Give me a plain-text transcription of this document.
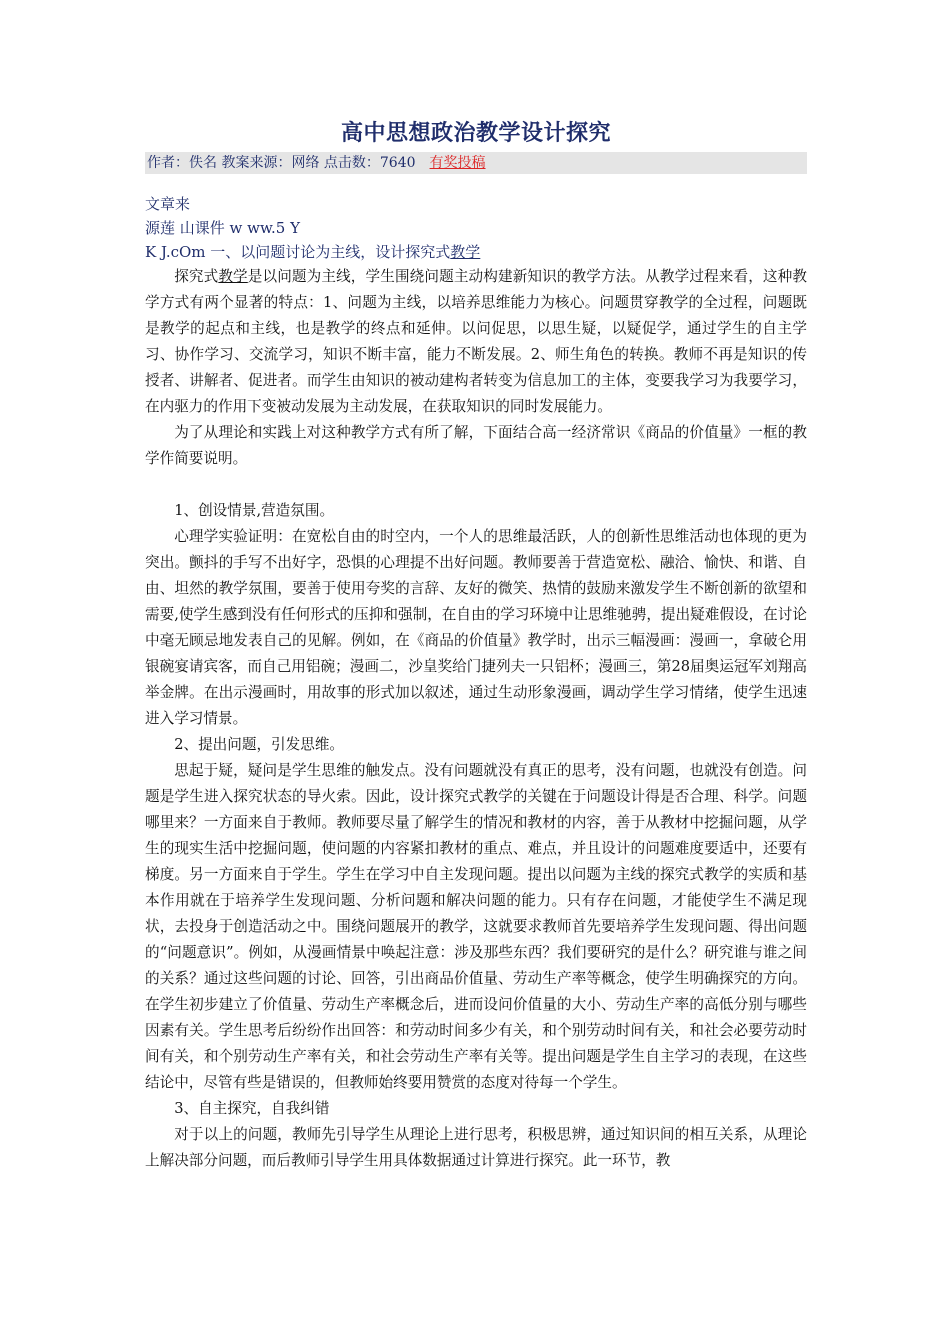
高中思想政治教学设计探究
作者：佚名 教案来源：网络 点击数：7640 有奖投稿
文章来
源莲 山课件 w ww.5 Y
K J.cOm 一、以问题讨论为主线，设计探究式教学

探究式教学是以问题为主线，学生围绕问题主动构建新知识的教学方法。从教学过程来看，这种教学方式有两个显著的特点：1、问题为主线，以培养思维能力为核心。问题贯穿教学的全过程，问题既是教学的起点和主线，也是教学的终点和延伸。以问促思，以思生疑，以疑促学，通过学生的自主学习、协作学习、交流学习，知识不断丰富，能力不断发展。2、师生角色的转换。教师不再是知识的传授者、讲解者、促进者。而学生由知识的被动建构者转变为信息加工的主体，变要我学习为我要学习，在内驱力的作用下变被动发展为主动发展，在获取知识的同时发展能力。

为了从理论和实践上对这种教学方式有所了解，下面结合高一经济常识《商品的价值量》一框的教学作简要说明。

1、创设情景,营造氛围。

心理学实验证明：在宽松自由的时空内，一个人的思维最活跃，人的创新性思维活动也体现的更为突出。颤抖的手写不出好字，恐惧的心理提不出好问题。教师要善于营造宽松、融洽、愉快、和谐、自由、坦然的教学氛围，要善于使用夸奖的言辞、友好的微笑、热情的鼓励来激发学生不断创新的欲望和需要,使学生感到没有任何形式的压抑和强制，在自由的学习环境中让思维驰骋，提出疑难假设，在讨论中毫无顾忌地发表自己的见解。例如，在《商品的价值量》教学时，出示三幅漫画：漫画一，拿破仑用银碗宴请宾客，而自己用铝碗；漫画二，沙皇奖给门捷列夫一只铝杯；漫画三，第28届奥运冠军刘翔高举金牌。在出示漫画时，用故事的形式加以叙述，通过生动形象漫画，调动学生学习情绪，使学生迅速进入学习情景。

2、提出问题，引发思维。

思起于疑，疑问是学生思维的触发点。没有问题就没有真正的思考，没有问题，也就没有创造。问题是学生进入探究状态的导火索。因此，设计探究式教学的关键在于问题设计得是否合理、科学。问题哪里来？一方面来自于教师。教师要尽量了解学生的情况和教材的内容，善于从教材中挖掘问题，从学生的现实生活中挖掘问题，使问题的内容紧扣教材的重点、难点，并且设计的问题难度要适中，还要有梯度。另一方面来自于学生。学生在学习中自主发现问题。提出以问题为主线的探究式教学的实质和基本作用就在于培养学生发现问题、分析问题和解决问题的能力。只有存在问题，才能使学生不满足现状，去投身于创造活动之中。围绕问题展开的教学，这就要求教师首先要培养学生发现问题、得出问题的“问题意识”。例如，从漫画情景中唤起注意：涉及那些东西？我们要研究的是什么？研究谁与谁之间的关系？通过这些问题的讨论、回答，引出商品价值量、劳动生产率等概念，使学生明确探究的方向。在学生初步建立了价值量、劳动生产率概念后，进而设问价值量的大小、劳动生产率的高低分别与哪些因素有关。学生思考后纷纷作出回答：和劳动时间多少有关，和个别劳动时间有关，和社会必要劳动时间有关，和个别劳动生产率有关，和社会劳动生产率有关等。提出问题是学生自主学习的表现，在这些结论中，尽管有些是错误的，但教师始终要用赞赏的态度对待每一个学生。

3、自主探究，自我纠错

对于以上的问题，教师先引导学生从理论上进行思考，积极思辨，通过知识间的相互关系，从理论上解决部分问题，而后教师引导学生用具体数据通过计算进行探究。此一环节，教
